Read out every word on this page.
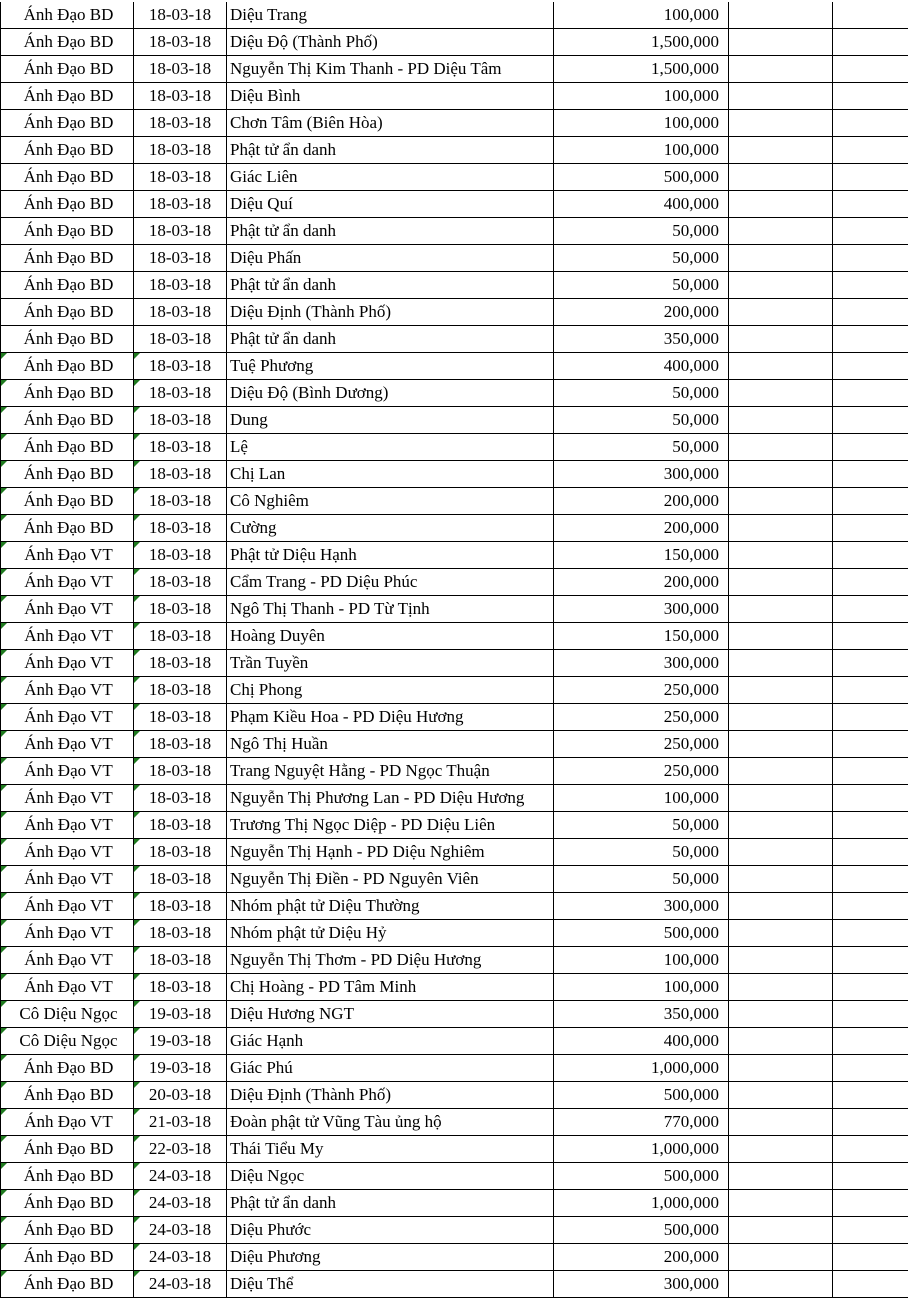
Ánh Đạo BD	18-03-18	Diệu Trang	100,000		
Ánh Đạo BD	18-03-18	Diệu Độ (Thành Phố)	1,500,000		
Ánh Đạo BD	18-03-18	Nguyễn Thị Kim Thanh - PD Diệu Tâm	1,500,000		
Ánh Đạo BD	18-03-18	Diệu Bình	100,000		
Ánh Đạo BD	18-03-18	Chơn Tâm (Biên Hòa)	100,000		
Ánh Đạo BD	18-03-18	Phật tử ẩn danh	100,000		
Ánh Đạo BD	18-03-18	Giác Liên	500,000		
Ánh Đạo BD	18-03-18	Diệu Quí	400,000		
Ánh Đạo BD	18-03-18	Phật tử ẩn danh	50,000		
Ánh Đạo BD	18-03-18	Diệu Phấn	50,000		
Ánh Đạo BD	18-03-18	Phật tử ẩn danh	50,000		
Ánh Đạo BD	18-03-18	Diệu Định (Thành Phố)	200,000		
Ánh Đạo BD	18-03-18	Phật tử ẩn danh	350,000		
Ánh Đạo BD	18-03-18	Tuệ Phương	400,000		
Ánh Đạo BD	18-03-18	Diệu Độ (Bình Dương)	50,000		
Ánh Đạo BD	18-03-18	Dung	50,000		
Ánh Đạo BD	18-03-18	Lệ	50,000		
Ánh Đạo BD	18-03-18	Chị Lan	300,000		
Ánh Đạo BD	18-03-18	Cô Nghiêm	200,000		
Ánh Đạo BD	18-03-18	Cường	200,000		
Ánh Đạo VT	18-03-18	Phật tử Diệu Hạnh	150,000		
Ánh Đạo VT	18-03-18	Cẩm Trang - PD Diệu Phúc	200,000		
Ánh Đạo VT	18-03-18	Ngô Thị Thanh - PD Từ Tịnh	300,000		
Ánh Đạo VT	18-03-18	Hoàng Duyên	150,000		
Ánh Đạo VT	18-03-18	Trần Tuyền	300,000		
Ánh Đạo VT	18-03-18	Chị Phong	250,000		
Ánh Đạo VT	18-03-18	Phạm Kiều Hoa - PD Diệu Hương	250,000		
Ánh Đạo VT	18-03-18	Ngô Thị Huần	250,000		
Ánh Đạo VT	18-03-18	Trang Nguyệt Hằng - PD Ngọc Thuận	250,000		
Ánh Đạo VT	18-03-18	Nguyễn Thị Phương Lan - PD Diệu Hương	100,000		
Ánh Đạo VT	18-03-18	Trương Thị Ngọc Diệp - PD Diệu Liên	50,000		
Ánh Đạo VT	18-03-18	Nguyễn Thị Hạnh - PD Diệu Nghiêm	50,000		
Ánh Đạo VT	18-03-18	Nguyễn Thị Điền - PD Nguyên Viên	50,000		
Ánh Đạo VT	18-03-18	Nhóm phật tử Diệu Thường	300,000		
Ánh Đạo VT	18-03-18	Nhóm phật tử Diệu Hỷ	500,000		
Ánh Đạo VT	18-03-18	Nguyễn Thị Thơm - PD Diệu Hương	100,000		
Ánh Đạo VT	18-03-18	Chị Hoàng - PD Tâm Minh	100,000		
Cô Diệu Ngọc	19-03-18	Diệu Hương NGT	350,000		
Cô Diệu Ngọc	19-03-18	Giác Hạnh	400,000		
Ánh Đạo BD	19-03-18	Giác Phú	1,000,000		
Ánh Đạo BD	20-03-18	Diệu Định (Thành Phố)	500,000		
Ánh Đạo VT	21-03-18	Đoàn phật tử Vũng Tàu ủng hộ	770,000		
Ánh Đạo BD	22-03-18	Thái Tiểu My	1,000,000		
Ánh Đạo BD	24-03-18	Diệu Ngọc	500,000		
Ánh Đạo BD	24-03-18	Phật tử ẩn danh	1,000,000		
Ánh Đạo BD	24-03-18	Diệu Phước	500,000		
Ánh Đạo BD	24-03-18	Diệu Phương	200,000		
Ánh Đạo BD	24-03-18	Diệu Thể	300,000		
